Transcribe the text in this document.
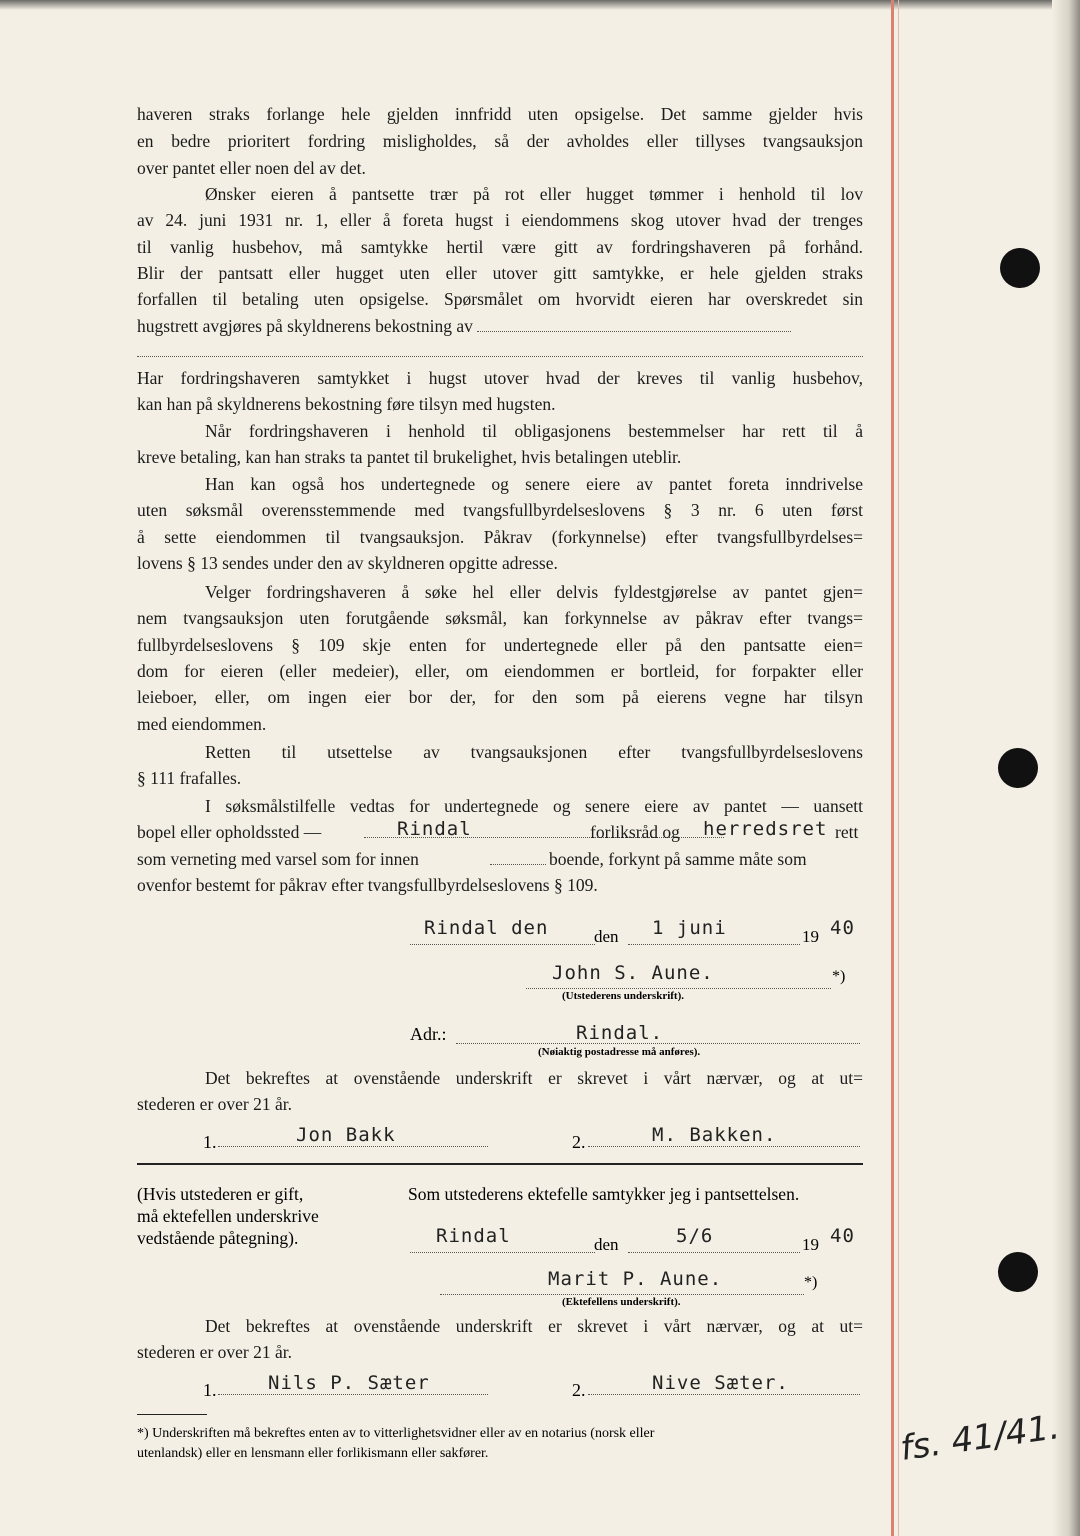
haveren straks forlange hele gjelden innfridd uten opsigelse. Det samme gjelder hvis
en bedre prioritert fordring misligholdes, så der avholdes eller tillyses tvangsauksjon
over pantet eller noen del av det.
Ønsker eieren å pantsette trær på rot eller hugget tømmer i henhold til lov
av 24. juni 1931 nr. 1, eller å foreta hugst i eiendommens skog utover hvad der trenges
til vanlig husbehov, må samtykke hertil være gitt av fordringshaveren på forhånd.
Blir der pantsatt eller hugget uten eller utover gitt samtykke, er hele gjelden straks
forfallen til betaling uten opsigelse. Spørsmålet om hvorvidt eieren har overskredet sin
hugstrett avgjøres på skyldnerens bekostning av
Har fordringshaveren samtykket i hugst utover hvad der kreves til vanlig husbehov,
kan han på skyldnerens bekostning føre tilsyn med hugsten.
Når fordringshaveren i henhold til obligasjonens bestemmelser har rett til å
kreve betaling, kan han straks ta pantet til brukelighet, hvis betalingen uteblir.
Han kan også hos undertegnede og senere eiere av pantet foreta inndrivelse
uten søksmål overensstemmende med tvangsfullbyrdelseslovens § 3 nr. 6 uten først
å sette eiendommen til tvangsauksjon. Påkrav (forkynnelse) efter tvangsfullbyrdelses=
lovens § 13 sendes under den av skyldneren opgitte adresse.
Velger fordringshaveren å søke hel eller delvis fyldestgjørelse av pantet gjen=
nem tvangsauksjon uten forutgående søksmål, kan forkynnelse av påkrav efter tvangs=
fullbyrdelseslovens § 109 skje enten for undertegnede eller på den pantsatte eien=
dom for eieren (eller medeier), eller, om eiendommen er bortleid, for forpakter eller
leieboer, eller, om ingen eier bor der, for den som på eierens vegne har tilsyn
med eiendommen.
Retten til utsettelse av tvangsauksjonen efter tvangsfullbyrdelseslovens
§ 111 frafalles.
I søksmålstilfelle vedtas for undertegnede og senere eiere av pantet — uansett
bopel eller opholdssted —	Rindal	forliksråd og herredsret rett
som verneting med varsel som for innen	boende, forkynt på samme måte som
ovenfor bestemt for påkrav efter tvangsfullbyrdelseslovens § 109.
Rindal den	den 1 juni	19 40
John S. Aune.	*)
(Utstederens underskrift).
Adr.:	Rindal.
(Nøiaktig postadresse må anføres).
Det bekreftes at ovenstående underskrift er skrevet i vårt nærvær, og at ut=
stederen er over 21 år.
1.	Jon Bakk	2.	M. Bakken.
(Hvis utstederen er gift,
må ektefellen underskrive
vedstående påtegning).
Som utstederens ektefelle samtykker jeg i pantsettelsen.
Rindal	den	5/6	19 40
Marit P. Aune.	*)
(Ektefellens underskrift).
Det bekreftes at ovenstående underskrift er skrevet i vårt nærvær, og at ut=
stederen er over 21 år.
1.	Nils P. Sæter	2.	Nive Sæter.
*) Underskriften må bekreftes enten av to vitterlighetsvidner eller av en notarius (norsk eller
utenlandsk) eller en lensmann eller forlikismann eller sakfører.	fs. 41/41.
